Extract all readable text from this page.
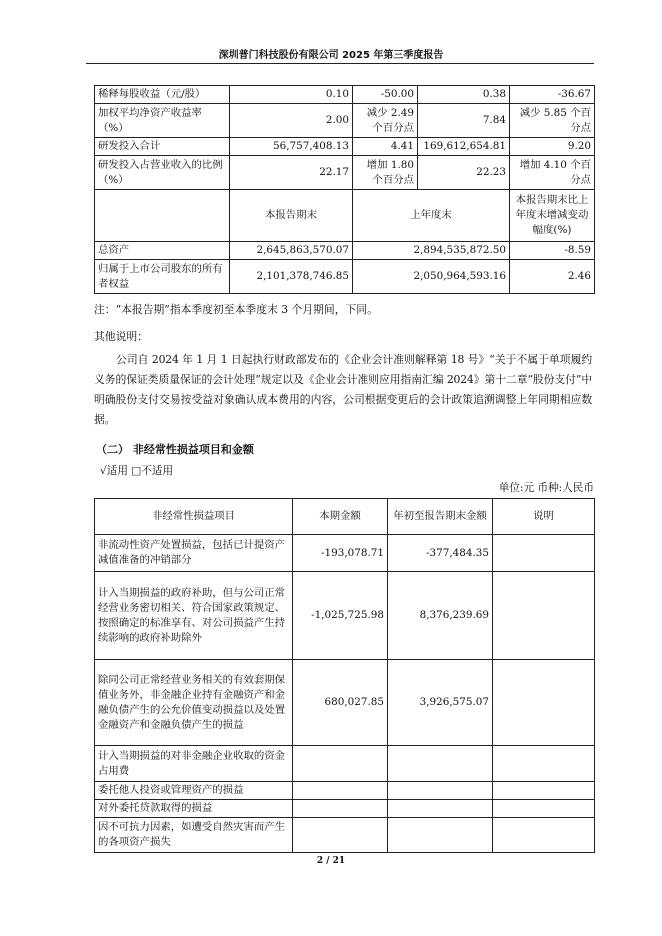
深圳普门科技股份有限公司 2025 年第三季度报告
稀释每股收益（元/股）	0.10	-50.00	0.38	-36.67
加权平均净资产收益率（%）	2.00	减少 2.49 个百分点	7.84	减少 5.85 个百分点
研发投入合计	56,757,408.13	4.41	169,612,654.81	9.20
研发投入占营业收入的比例（%）	22.17	增加 1.80 个百分点	22.23	增加 4.10 个百分点
	本报告期末	上年度末		本报告期末比上年度末增减变动幅度(%)
总资产	2,645,863,570.07	2,894,535,872.50		-8.59
归属于上市公司股东的所有者权益	2,101,378,746.85	2,050,964,593.16		2.46
注：“本报告期”指本季度初至本季度末 3 个月期间，下同。
其他说明：
公司自 2024 年 1 月 1 日起执行财政部发布的《企业会计准则解释第 18 号》“关于不属于单项履约义务的保证类质量保证的会计处理”规定以及《企业会计准则应用指南汇编 2024》第十二章“股份支付”中明确股份支付交易按受益对象确认成本费用的内容，公司根据变更后的会计政策追溯调整上年同期相应数据。
（二） 非经常性损益项目和金额
√适用 □不适用
单位:元 币种:人民币
非经常性损益项目	本期金额	年初至报告期末金额	说明
非流动性资产处置损益，包括已计提资产减值准备的冲销部分	-193,078.71	-377,484.35	
计入当期损益的政府补助，但与公司正常经营业务密切相关、符合国家政策规定、按照确定的标准享有、对公司损益产生持续影响的政府补助除外	-1,025,725.98	8,376,239.69	
除同公司正常经营业务相关的有效套期保值业务外，非金融企业持有金融资产和金融负债产生的公允价值变动损益以及处置金融资产和金融负债产生的损益	680,027.85	3,926,575.07	
计入当期损益的对非金融企业收取的资金占用费			
委托他人投资或管理资产的损益			
对外委托贷款取得的损益			
因不可抗力因素，如遭受自然灾害而产生的各项资产损失			
2 / 21
